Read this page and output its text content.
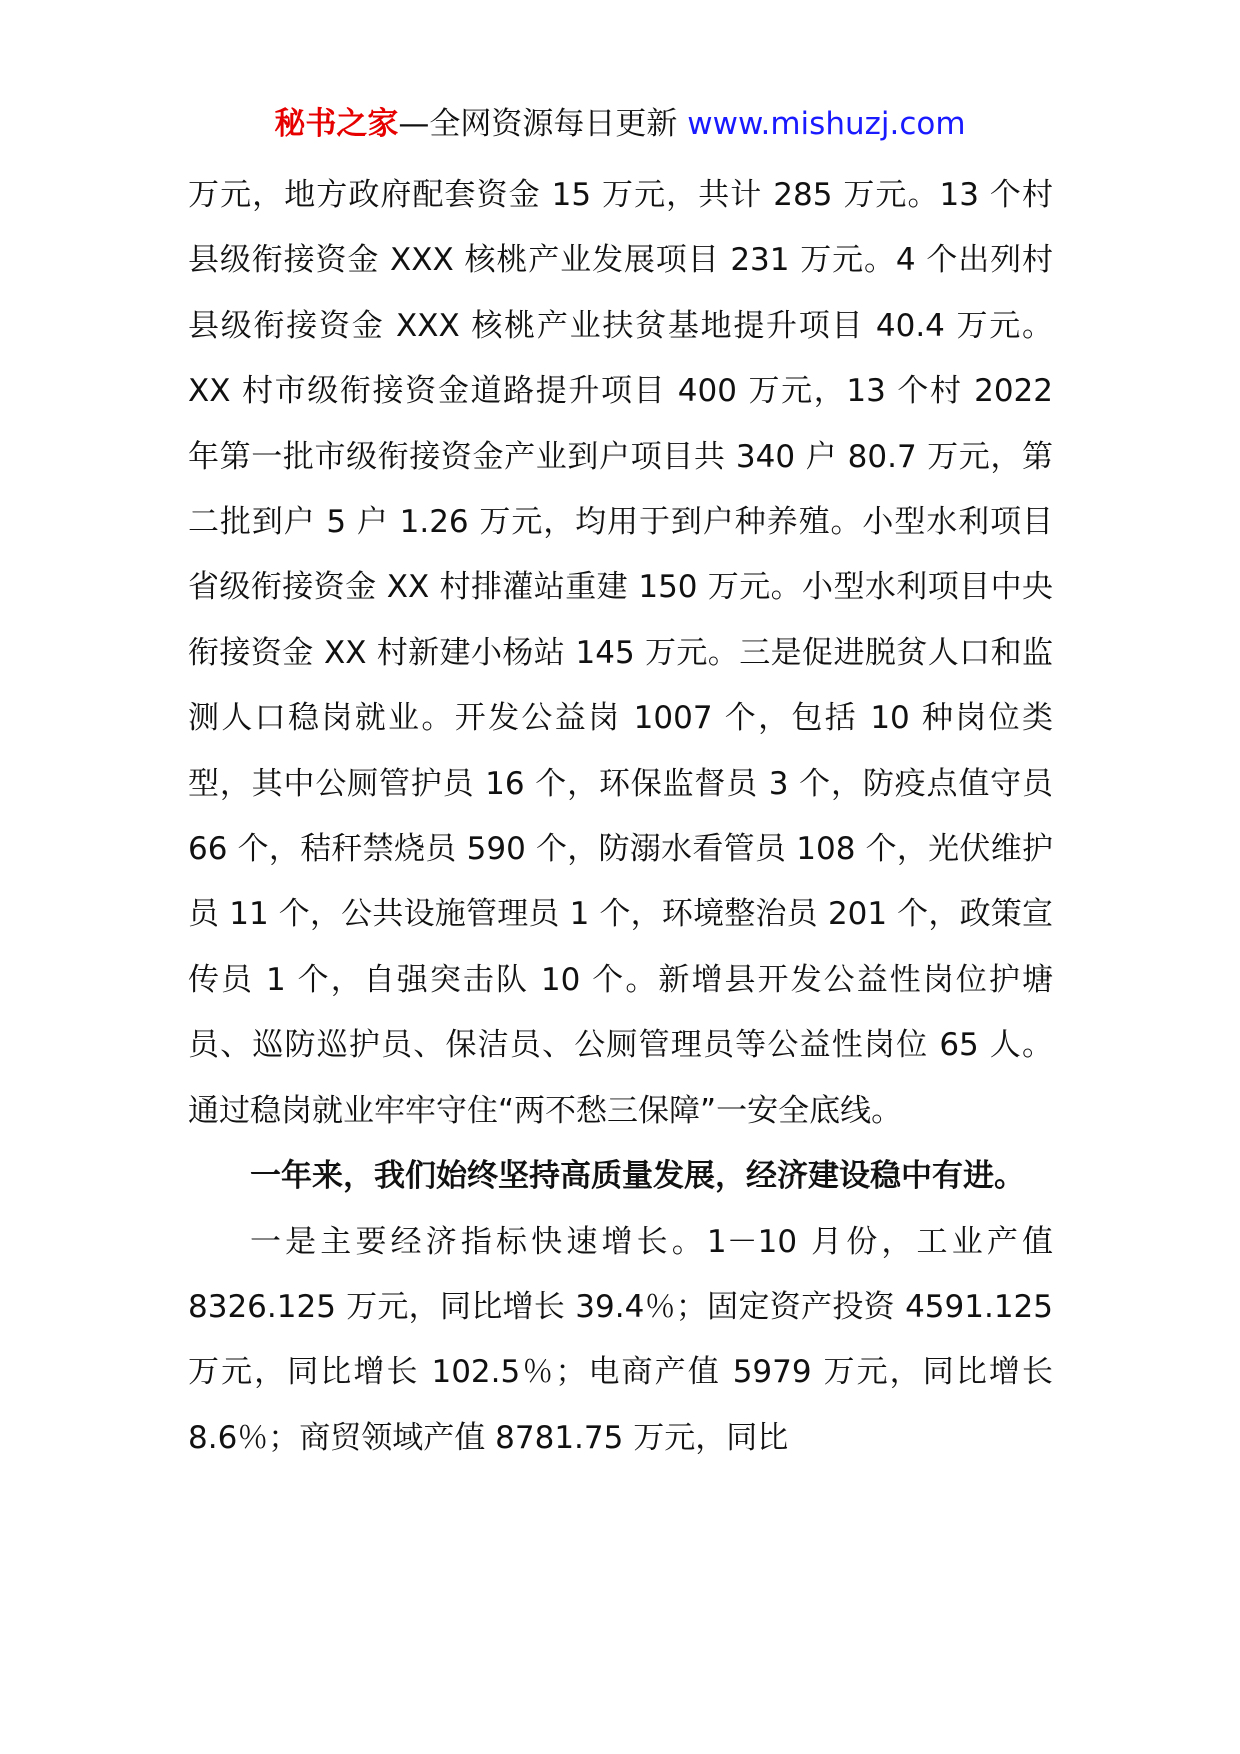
秘书之家—全网资源每日更新 www.mishuzj.com

万元，地方政府配套资金 15 万元，共计 285 万元。13 个村县级衔接资金 XXX 核桃产业发展项目 231 万元。4 个出列村县级衔接资金 XXX 核桃产业扶贫基地提升项目 40.4 万元。XX 村市级衔接资金道路提升项目 400 万元，13 个村 2022 年第一批市级衔接资金产业到户项目共 340 户 80.7 万元，第二批到户 5 户 1.26 万元，均用于到户种养殖。小型水利项目省级衔接资金 XX 村排灌站重建 150 万元。小型水利项目中央衔接资金 XX 村新建小杨站 145 万元。三是促进脱贫人口和监测人口稳岗就业。开发公益岗 1007 个，包括 10 种岗位类型，其中公厕管护员 16 个，环保监督员 3 个，防疫点值守员 66 个，秸秆禁烧员 590 个，防溺水看管员 108 个，光伏维护员 11 个，公共设施管理员 1 个，环境整治员 201 个，政策宣传员 1 个，自强突击队 10 个。新增县开发公益性岗位护塘员、巡防巡护员、保洁员、公厕管理员等公益性岗位 65 人。通过稳岗就业牢牢守住“两不愁三保障”一安全底线。

一年来，我们始终坚持高质量发展，经济建设稳中有进。

一是主要经济指标快速增长。1－10 月份，工业产值 8326.125 万元，同比增长 39.4％；固定资产投资 4591.125 万元，同比增长 102.5％；电商产值 5979 万元，同比增长 8.6％；商贸领域产值 8781.75 万元，同比
